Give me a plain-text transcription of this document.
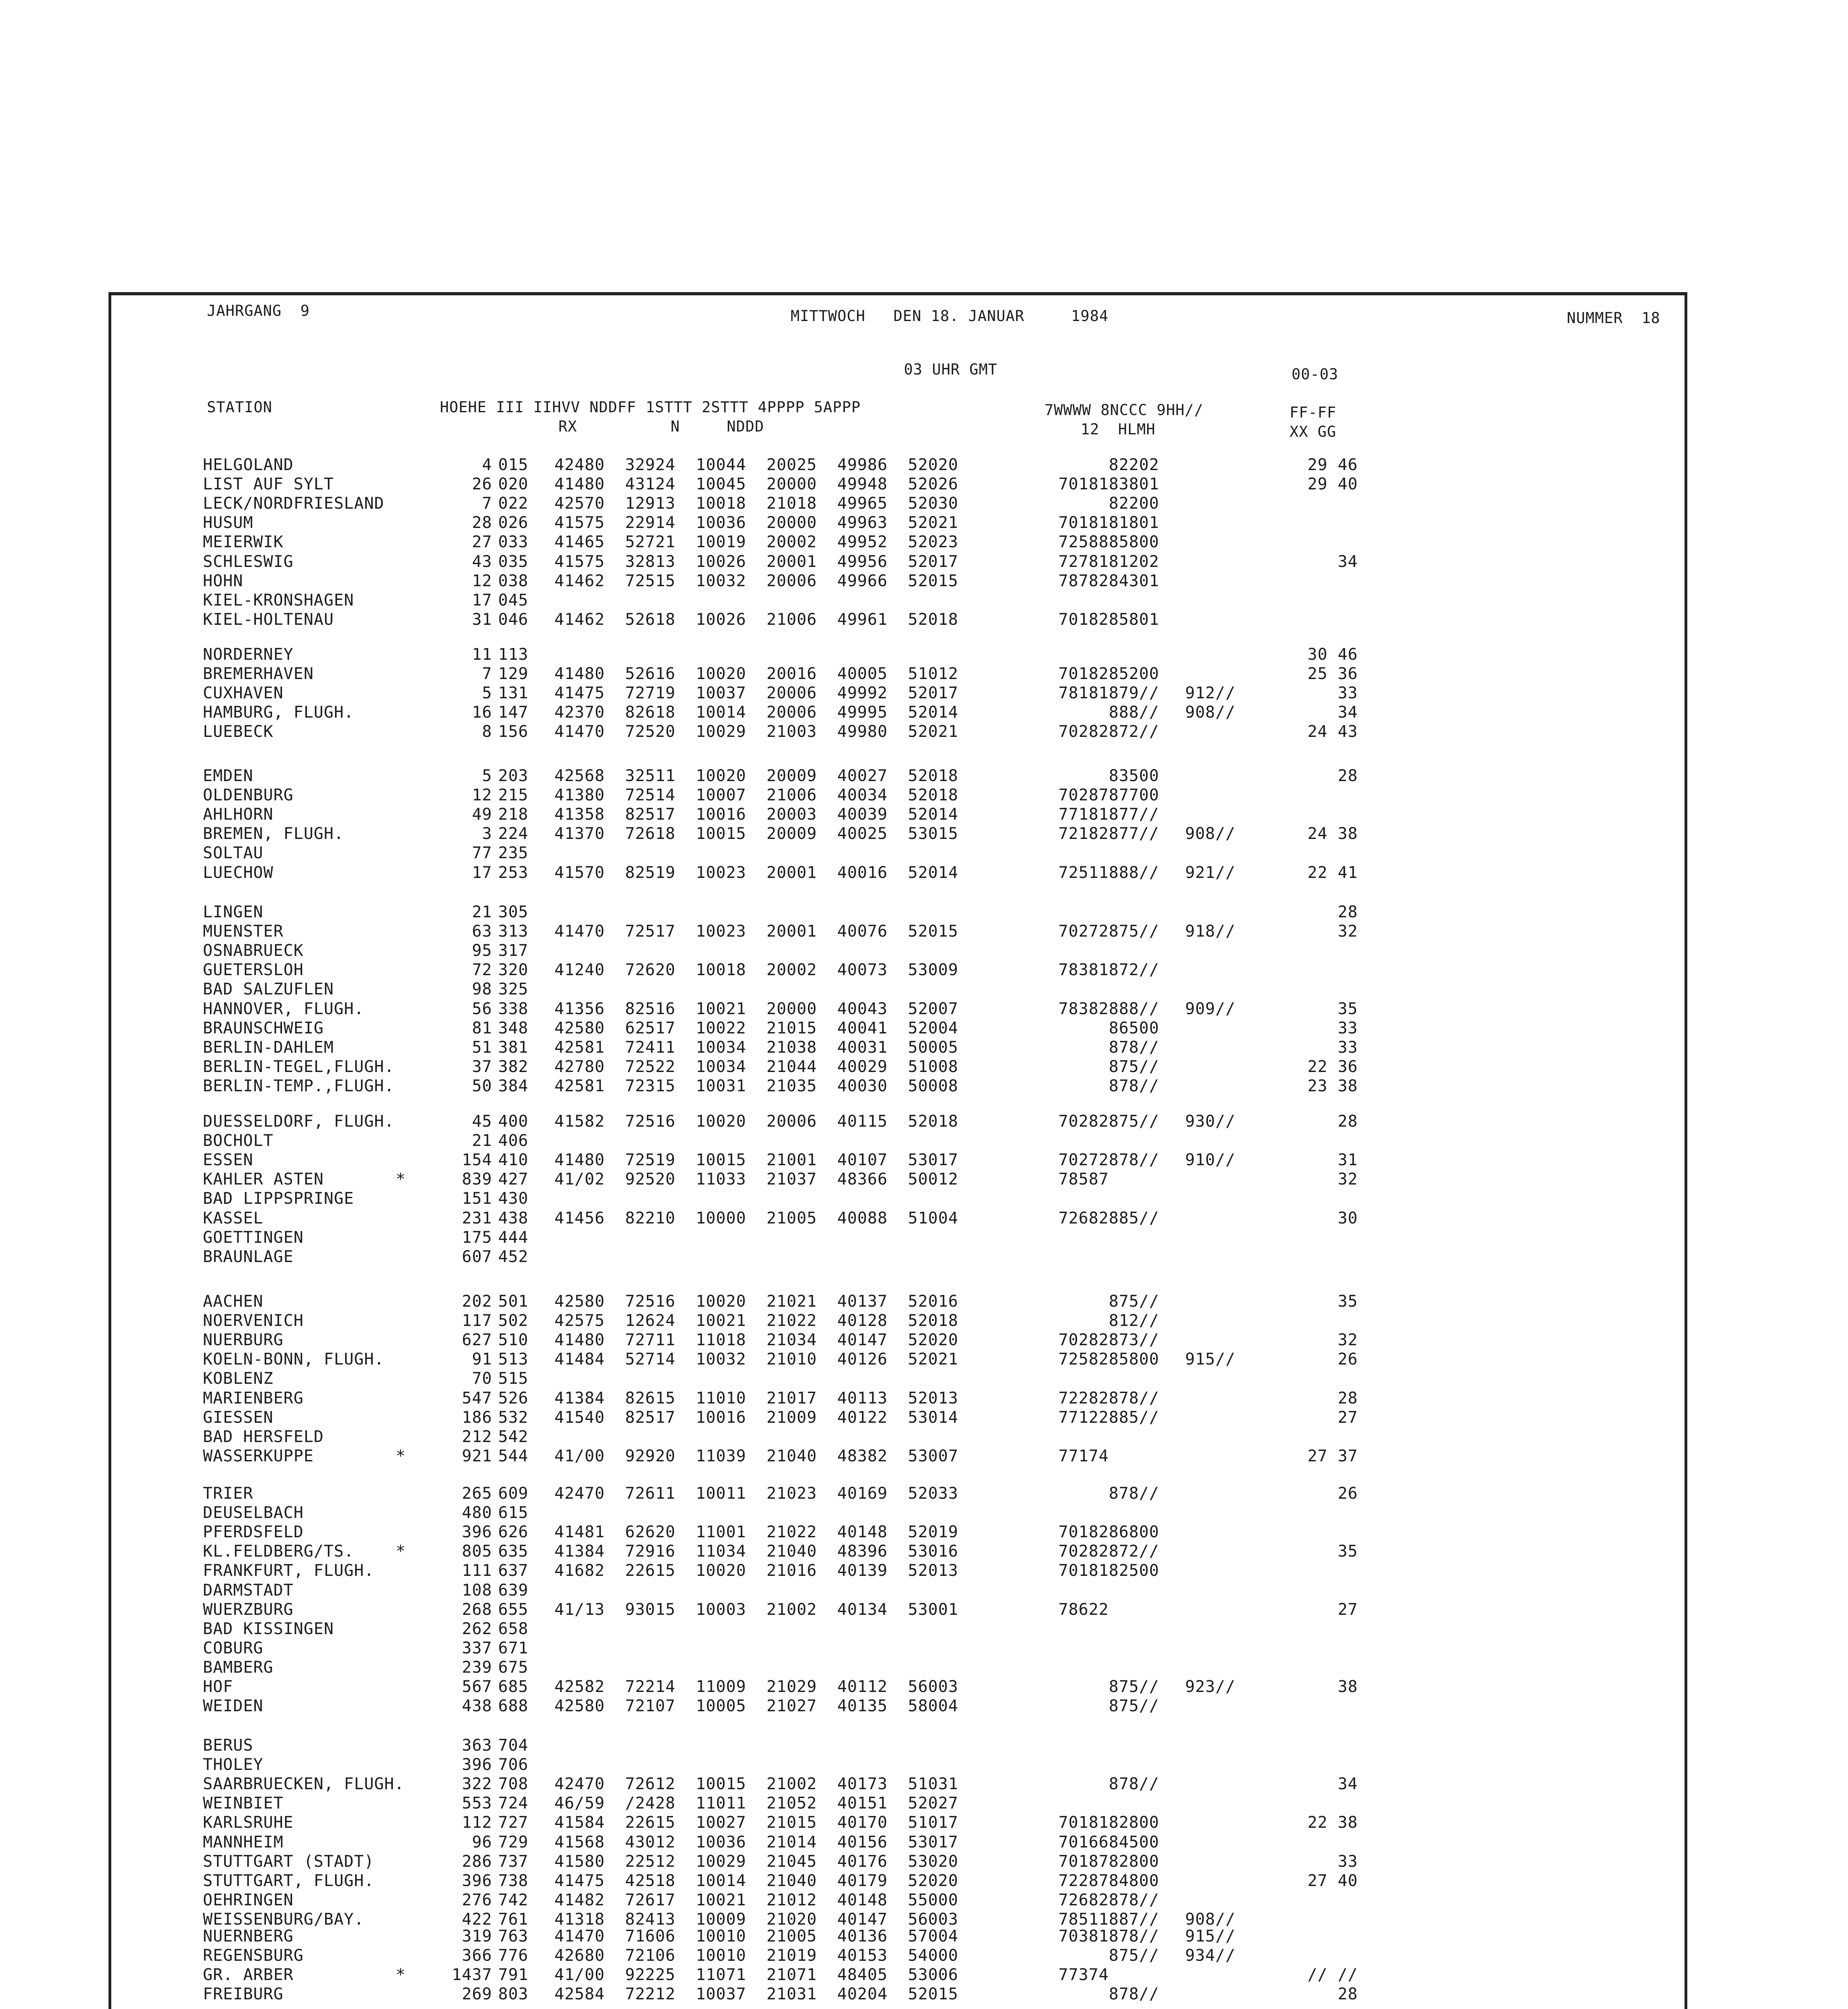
JAHRGANG  9	MITTWOCH   DEN 18. JANUAR     1984	NUMMER  18
03 UHR GMT	00-03
STATION	HOEHE III IIHVV NDDFF 1STTT 2STTT 4PPPP 5APPP
RX          N     NDDD
7WWWW 8NCCC 9HH//
12  HLMH
FF-FF
XX GG
HELGOLAND	4 015 42480 32924 10044 20025 49986 52020	82202	29 46
LIST AUF SYLT	26 020 41480 43124 10045 20000 49948 52026	70181 83801	29 40
LECK/NORDFRIESLAND	7 022 42570 12913 10018 21018 49965 52030	82200
HUSUM	28 026 41575 22914 10036 20000 49963 52021	70181 81801
MEIERWIK	27 033 41465 52721 10019 20002 49952 52023	72588 85800
SCHLESWIG	43 035 41575 32813 10026 20001 49956 52017	72781 81202	34
HOHN	12 038 41462 72515 10032 20006 49966 52015	78782 84301
KIEL-KRONSHAGEN	17 045
KIEL-HOLTENAU	31 046 41462 52618 10026 21006 49961 52018	70182 85801
NORDERNEY	11 113	30 46
BREMERHAVEN	7 129 41480 52616 10020 20016 40005 51012	70182 85200	25 36
CUXHAVEN	5 131 41475 72719 10037 20006 49992 52017	78181 879// 912//	33
HAMBURG, FLUGH.	16 147 42370 82618 10014 20006 49995 52014	888// 908//	34
LUEBECK	8 156 41470 72520 10029 21003 49980 52021	70282 872//	24 43
EMDEN	5 203 42568 32511 10020 20009 40027 52018	83500	28
OLDENBURG	12 215 41380 72514 10007 21006 40034 52018	70287 87700
AHLHORN	49 218 41358 82517 10016 20003 40039 52014	77181 877//
BREMEN, FLUGH.	3 224 41370 72618 10015 20009 40025 53015	72182 877// 908//	24 38
SOLTAU	77 235
LUECHOW	17 253 41570 82519 10023 20001 40016 52014	72511 888// 921//	22 41
LINGEN	21 305	28
MUENSTER	63 313 41470 72517 10023 20001 40076 52015	70272 875// 918//	32
OSNABRUECK	95 317
GUETERSLOH	72 320 41240 72620 10018 20002 40073 53009	78381 872//
BAD SALZUFLEN	98 325
HANNOVER, FLUGH.	56 338 41356 82516 10021 20000 40043 52007	78382 888// 909//	35
BRAUNSCHWEIG	81 348 42580 62517 10022 21015 40041 52004	86500	33
BERLIN-DAHLEM	51 381 42581 72411 10034 21038 40031 50005	878//	33
BERLIN-TEGEL,FLUGH.	37 382 42780 72522 10034 21044 40029 51008	875//	22 36
BERLIN-TEMP.,FLUGH.	50 384 42581 72315 10031 21035 40030 50008	878//	23 38
DUESSELDORF, FLUGH.	45 400 41582 72516 10020 20006 40115 52018	70282 875// 930//	28
BOCHOLT	21 406
ESSEN	154 410 41480 72519 10015 21001 40107 53017	70272 878// 910//	31
KAHLER ASTEN	*	839 427 41/02 92520 11033 21037 48366 50012	78587	32
BAD LIPPSPRINGE	151 430
KASSEL	231 438 41456 82210 10000 21005 40088 51004	72682 885//	30
GOETTINGEN	175 444
BRAUNLAGE	607 452
AACHEN	202 501 42580 72516 10020 21021 40137 52016	875//	35
NOERVENICH	117 502 42575 12624 10021 21022 40128 52018	812//
NUERBURG	627 510 41480 72711 11018 21034 40147 52020	70282 873//	32
KOELN-BONN, FLUGH.	91 513 41484 52714 10032 21010 40126 52021	72582 85800 915//	26
KOBLENZ	70 515
MARIENBERG	547 526 41384 82615 11010 21017 40113 52013	72282 878//	28
GIESSEN	186 532 41540 82517 10016 21009 40122 53014	77122 885//	27
BAD HERSFELD	212 542
WASSERKUPPE	*	921 544 41/00 92920 11039 21040 48382 53007	77174	27 37
TRIER	265 609 42470 72611 10011 21023 40169 52033	878//	26
DEUSELBACH	480 615
PFERDSFELD	396 626 41481 62620 11001 21022 40148 52019	70182 86800
KL.FELDBERG/TS.	*	805 635 41384 72916 11034 21040 48396 53016	70282 872//	35
FRANKFURT, FLUGH.	111 637 41682 22615 10020 21016 40139 52013	70181 82500
DARMSTADT	108 639
WUERZBURG	268 655 41/13 93015 10003 21002 40134 53001	78622	27
BAD KISSINGEN	262 658
COBURG	337 671
BAMBERG	239 675
HOF	567 685 42582 72214 11009 21029 40112 56003	875// 923//	38
WEIDEN	438 688 42580 72107 10005 21027 40135 58004	875//
BERUS	363 704
THOLEY	396 706
SAARBRUECKEN, FLUGH.	322 708 42470 72612 10015 21002 40173 51031	878//	34
WEINBIET	553 724 46/59 /2428 11011 21052 40151 52027
KARLSRUHE	112 727 41584 22615 10027 21015 40170 51017	70181 82800	22 38
MANNHEIM	96 729 41568 43012 10036 21014 40156 53017	70166 84500
STUTTGART (STADT)	286 737 41580 22512 10029 21045 40176 53020	70187 82800	33
STUTTGART, FLUGH.	396 738 41475 42518 10014 21040 40179 52020	72287 84800	27 40
OEHRINGEN	276 742 41482 72617 10021 21012 40148 55000	72682 878//
WEISSENBURG/BAY.	422 761 41318 82413 10009 21020 40147 56003	78511 887// 908//
NUERNBERG	319 763 41470 71606 10010 21005 40136 57004	70381 878// 915//
REGENSBURG	366 776 42680 72106 10010 21019 40153 54000	875// 934//
GR. ARBER	*	1437 791 41/00 92225 11071 21071 48405 53006	77374	// //
FREIBURG	269 803 42584 72212 10037 21031 40204 52015	878//	28
